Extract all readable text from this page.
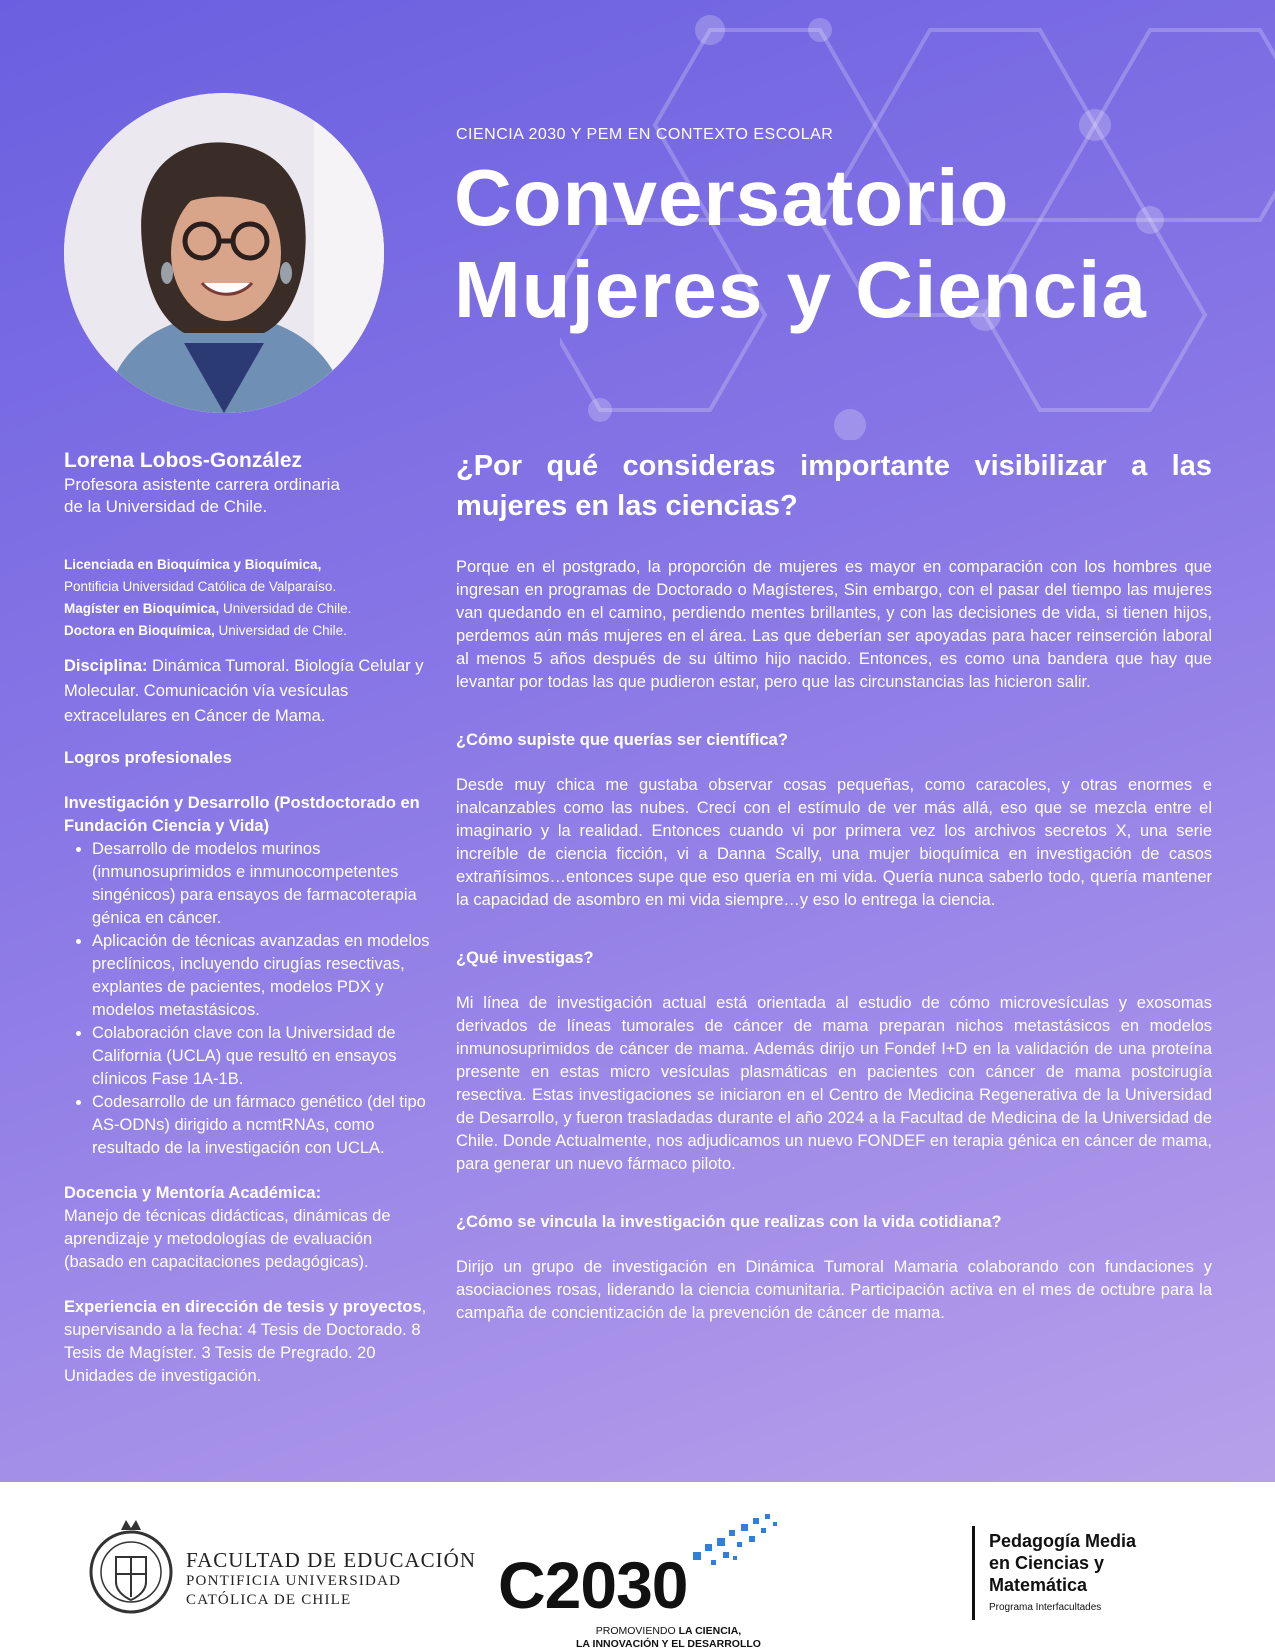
CIENCIA 2030 Y PEM EN CONTEXTO ESCOLAR
Conversatorio
Mujeres y Ciencia
Lorena Lobos-González
Profesora asistente carrera ordinaria
de la Universidad de Chile.
Licenciada en Bioquímica y Bioquímica,
Pontificia Universidad Católica de Valparaíso.
Magíster en Bioquímica, Universidad de Chile.
Doctora en Bioquímica, Universidad de Chile.
Disciplina: Dinámica Tumoral. Biología Celular y Molecular. Comunicación vía vesículas extracelulares en Cáncer de Mama.
Logros profesionales
Investigación y Desarrollo (Postdoctorado en Fundación Ciencia y Vida)
• Desarrollo de modelos murinos (inmunosuprimidos e inmunocompetentes singénicos) para ensayos de farmacoterapia génica en cáncer.
• Aplicación de técnicas avanzadas en modelos preclínicos, incluyendo cirugías resectivas, explantes de pacientes, modelos PDX y modelos metastásicos.
• Colaboración clave con la Universidad de California (UCLA) que resultó en ensayos clínicos Fase 1A-1B.
• Codesarrollo de un fármaco genético (del tipo AS-ODNs) dirigido a ncmtRNAs, como resultado de la investigación con UCLA.
Docencia y Mentoría Académica:
Manejo de técnicas didácticas, dinámicas de aprendizaje y metodologías de evaluación (basado en capacitaciones pedagógicas).
Experiencia en dirección de tesis y proyectos, supervisando a la fecha: 4 Tesis de Doctorado. 8 Tesis de Magíster. 3 Tesis de Pregrado. 20 Unidades de investigación.
¿Por qué consideras importante visibilizar a las mujeres en las ciencias?
Porque en el postgrado, la proporción de mujeres es mayor en comparación con los hombres que ingresan en programas de Doctorado o Magísteres, Sin embargo, con el pasar del tiempo las mujeres van quedando en el camino, perdiendo mentes brillantes, y con las decisiones de vida, si tienen hijos, perdemos aún más mujeres en el área. Las que deberían ser apoyadas para hacer reinserción laboral al menos 5 años después de su último hijo nacido. Entonces, es como una bandera que hay que levantar por todas las que pudieron estar, pero que las circunstancias las hicieron salir.
¿Cómo supiste que querías ser científica?
Desde muy chica me gustaba observar cosas pequeñas, como caracoles, y otras enormes e inalcanzables como las nubes. Crecí con el estímulo de ver más allá, eso que se mezcla entre el imaginario y la realidad. Entonces cuando vi por primera vez los archivos secretos X, una serie increíble de ciencia ficción, vi a Danna Scally, una mujer bioquímica en investigación de casos extrañísimos…entonces supe que eso quería en mi vida. Quería nunca saberlo todo, quería mantener la capacidad de asombro en mi vida siempre…y eso lo entrega la ciencia.
¿Qué investigas?
Mi línea de investigación actual está orientada al estudio de cómo microvesículas y exosomas derivados de líneas tumorales de cáncer de mama preparan nichos metastásicos en modelos inmunosuprimidos de cáncer de mama. Además dirijo un Fondef I+D en la validación de una proteína presente en estas micro vesículas plasmáticas en pacientes con cáncer de mama postcirugía resectiva. Estas investigaciones se iniciaron en el Centro de Medicina Regenerativa de la Universidad de Desarrollo, y fueron trasladadas durante el año 2024 a la Facultad de Medicina de la Universidad de Chile. Donde Actualmente, nos adjudicamos un nuevo FONDEF en terapia génica en cáncer de mama, para generar un nuevo fármaco piloto.
¿Cómo se vincula la investigación que realizas con la vida cotidiana?
Dirijo un grupo de investigación en Dinámica Tumoral Mamaria colaborando con fundaciones y asociaciones rosas, liderando la ciencia comunitaria. Participación activa en el mes de octubre para la campaña de concientización de la prevención de cáncer de mama.
FACULTAD DE EDUCACIÓN
PONTIFICIA UNIVERSIDAD
CATÓLICA DE CHILE	C2030
PROMOVIENDO LA CIENCIA,
LA INNOVACIÓN Y EL DESARROLLO
Pedagogía Media
en Ciencias y
Matemática
Programa Interfacultades
